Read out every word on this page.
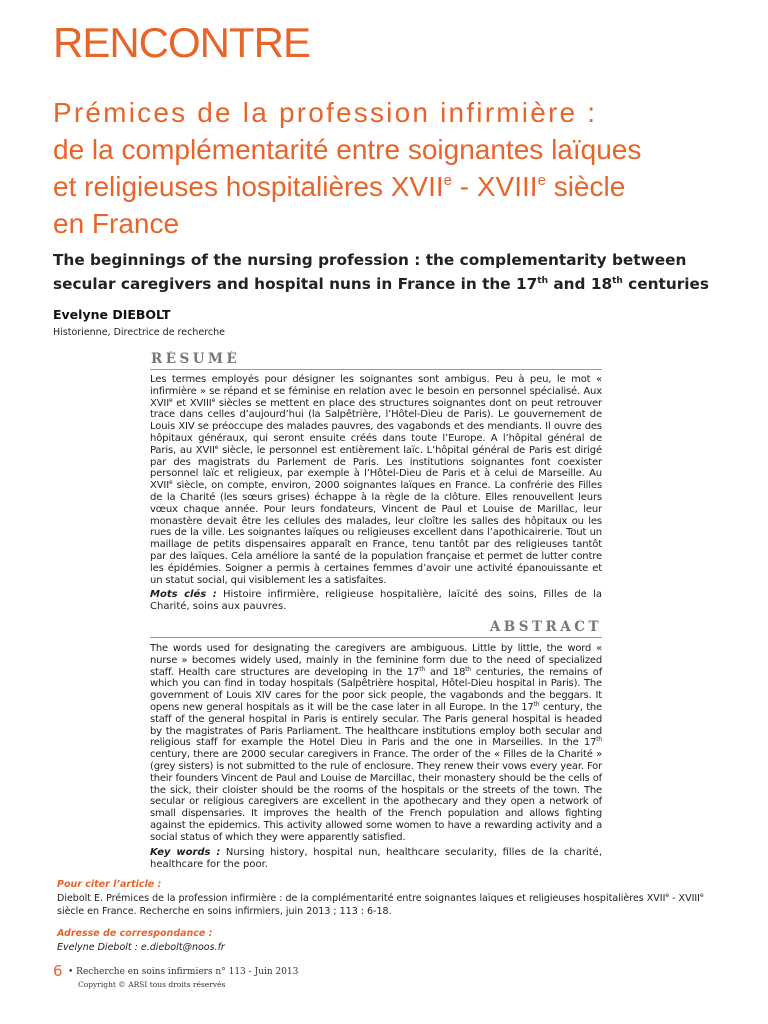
RENCONTRE
Prémices de la profession infirmière :
de la complémentarité entre soignantes laïques
et religieuses hospitalières XVIIe - XVIIIe siècle
en France
The beginnings of the nursing profession : the complementarity between secular caregivers and hospital nuns in France in the 17th and 18th centuries
Evelyne DIEBOLT
Historienne, Directrice de recherche
RÉSUMÉ
Les termes employés pour désigner les soignantes sont ambigus. Peu à peu, le mot « infirmière » se répand et se féminise en relation avec le besoin en personnel spécialisé. Aux XVIIe et XVIIIe siècles se mettent en place des structures soignantes dont on peut retrouver trace dans celles d’aujourd’hui (la Salpêtrière, l’Hôtel-Dieu de Paris). Le gouvernement de Louis XIV se préoccupe des malades pauvres, des vagabonds et des mendiants. Il ouvre des hôpitaux généraux, qui seront ensuite créés dans toute l’Europe. A l’hôpital général de Paris, au XVIIe siècle, le personnel est entièrement laïc. L’hôpital général de Paris est dirigé par des magistrats du Parlement de Paris. Les institutions soignantes font coexister personnel laïc et religieux, par exemple à l’Hôtel-Dieu de Paris et à celui de Marseille. Au XVIIe siècle, on compte, environ, 2000 soignantes laïques en France. La confrérie des Filles de la Charité (les sœurs grises) échappe à la règle de la clôture. Elles renouvellent leurs vœux chaque année. Pour leurs fondateurs, Vincent de Paul et Louise de Marillac, leur monastère devait être les cellules des malades, leur cloître les salles des hôpitaux ou les rues de la ville. Les soignantes laïques ou religieuses excellent dans l’apothicairerie. Tout un maillage de petits dispensaires apparaît en France, tenu tantôt par des religieuses tantôt par des laïques. Cela améliore la santé de la population française et permet de lutter contre les épidémies. Soigner a permis à certaines femmes d’avoir une activité épanouissante et un statut social, qui visiblement les a satisfaites.
Mots clés : Histoire infirmière, religieuse hospitalière, laïcité des soins, Filles de la Charité, soins aux pauvres.
ABSTRACT
The words used for designating the caregivers are ambiguous. Little by little, the word « nurse » becomes widely used, mainly in the feminine form due to the need of specialized staff. Health care structures are developing in the 17th and 18th centuries, the remains of which you can find in today hospitals (Salpêtrière hospital, Hôtel-Dieu hospital in Paris). The government of Louis XIV cares for the poor sick people, the vagabonds and the beggars. It opens new general hospitals as it will be the case later in all Europe. In the 17th century, the staff of the general hospital in Paris is entirely secular. The Paris general hospital is headed by the magistrates of Paris Parliament. The healthcare institutions employ both secular and religious staff for example the Hotel Dieu in Paris and the one in Marseilles. In the 17th century, there are 2000 secular caregivers in France. The order of the « Filles de la Charité » (grey sisters) is not submitted to the rule of enclosure. They renew their vows every year. For their founders Vincent de Paul and Louise de Marcillac, their monastery should be the cells of the sick, their cloister should be the rooms of the hospitals or the streets of the town. The secular or religious caregivers are excellent in the apothecary and they open a network of small dispensaries. It improves the health of the French population and allows fighting against the epidemics. This activity allowed some women to have a rewarding activity and a social status of which they were apparently satisfied.
Key words : Nursing history, hospital nun, healthcare secularity, filles de la charité, healthcare for the poor.
Pour citer l’article :
Diebolt E. Prémices de la profession infirmière : de la complémentarité entre soignantes laïques et religieuses hospitalières XVIIe - XVIIIe siècle en France. Recherche en soins infirmiers, juin 2013 ; 113 : 6-18.
Adresse de correspondance :
Evelyne Diebolt : e.diebolt@noos.fr
6 • Recherche en soins infirmiers n° 113 - Juin 2013
Copyright © ARSI tous droits réservés
